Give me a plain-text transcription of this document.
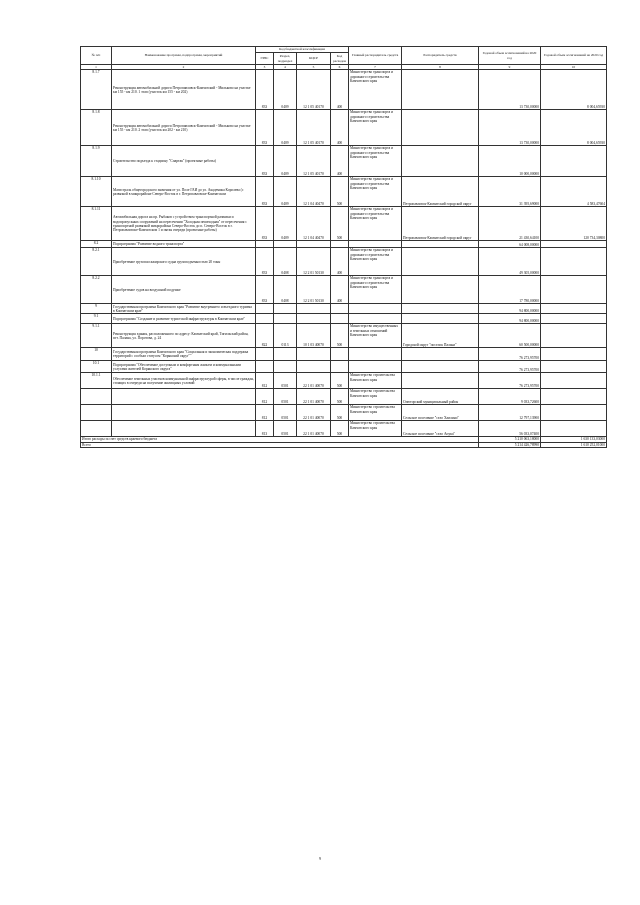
№ п/п	Наименование программ, подпрограмм, мероприятий	Код бюджетной классификации				Главный распорядитель средств	Распорядитель средств	Годовой объем ассигнований на 2020 год	Годовой объем ассигнований на 2020 год
		ГРБС	Раздел, подраздел	КЦСР	Код расходов				
1	2	3	4	5	6	7	8	9	10
8.1.7	Реконструкция автомобильной дороги Петропавловск-Камчатский - Мильково на участке км 155 - км 210. 1 этап (участок км 155 - км 202)	833	0409	12 1 05 40170	400	Министерство транспорта и дорожного строительства Камчатского края		13 730,00000	8 004,65930
8.1.8	Реконструкция автомобильной дороги Петропавловск-Камчатский - Мильково на участке км 155 - км 210. 2 этап (участок км 202 - км 210)	833	0409	12 1 05 40170	400	Министерство транспорта и дорожного строительства Камчатского края		13 730,00000	8 004,65930
8.1.9	Строительство подъезда к стадиону "Спартак" (проектные работы)	833	0409	12 1 05 40170	400	Министерство транспорта и дорожного строительства Камчатского края		10 000,00000	
8.1.10	Магистраль общегородского значения от ул. Поле ГАИ до ул. Академика Королева (с развязкой в микрорайоне Северо-Восток в г. Петропавловске-Камчатском	833	0409	12 1 04 40470	500	Министерство транспорта и дорожного строительства Камчатского края	Петропавловск-Камчатский городской округ	31 395,69000	4 583,47604
8.1.11	Автомобильная дорога на пр. Рыбаков с устройством транспортной развязки и водопропускных сооружений на пересечении "Холодная пешеходная" от пересечения с транспортной развязкой микрорайона Северо-Восток до п. Северо-Восток в г. Петропавловске-Камчатском 1 и пятая очереди (проектные работы)	833	0409	12 1 04 40470	500	Министерство транспорта и дорожного строительства Камчатского края	Петропавловск-Камчатский городской округ	21 430,64100	120 734,30800
8.2	Подпрограмма "Развитие водного транспорта"							64 008,00000	
8.2.1	Приобретение грузопассажирского судна грузоподъемностью 20 тонн	833	0408	12 2 01 50130	400	Министерство транспорта и дорожного строительства Камчатского края		49 305,00000	
8.2.2	Приобретение судов на воздушной подушке	833	0408	12 2 01 50130	400	Министерство транспорта и дорожного строительства Камчатского края		17 780,00000	
9	Государственная программа Камчатского края "Развитие внутреннего и въездного туризма в Камчатском крае"							94 800,00000	
9.1	Подпрограмма "Создание и развитие туристской инфраструктуры в Камчатском крае"							94 800,00000	
9.1.1	Реконструкция здания, расположенного по адресу: Камчатский край, Тигильский район, пгт. Палана, ул. Поротова, д. 24	822	0113	10 1 03 40070	500	Министерство имущественных и земельных отношений Камчатского края	Городской округ "поселок Палана"	60 500,00000	
10	Государственная программа Камчатского края "Социальная и экономическая поддержка территорий с особым статусом "Корякский округ""							76 273,95700	
10.1	Подпрограмма "Обеспечение доступным и комфортным жильем и коммунальными услугами жителей Корякского округа"							76 273,95700	
10.1.1	Обеспечение земельных участков коммунальной инфраструктурой сферы, в числе граждан, стоящих в очереди на получение жилищных условий	812	0501	22 1 01 40070	500	Министерство строительства Камчатского края		76 273,95700	
		812	0501	22 1 01 40070	500	Министерство строительства Камчатского края	Олюторский муниципальный район	9 033,72600	
		812	0501	22 1 01 40070	500	Министерство строительства Камчатского края	Сельское поселение "село Хаилино"	12 797,13900	
		813	0501	22 1 01 40070	500	Министерство строительства Камчатского края	Сельское поселение "село Апука"	56 033,07400	
Итого расходы за счет средств краевого бюджета								5 210 063,18000	1 630 133,03000
Всего								5 214 426,78990	1 610 252,01000
9
